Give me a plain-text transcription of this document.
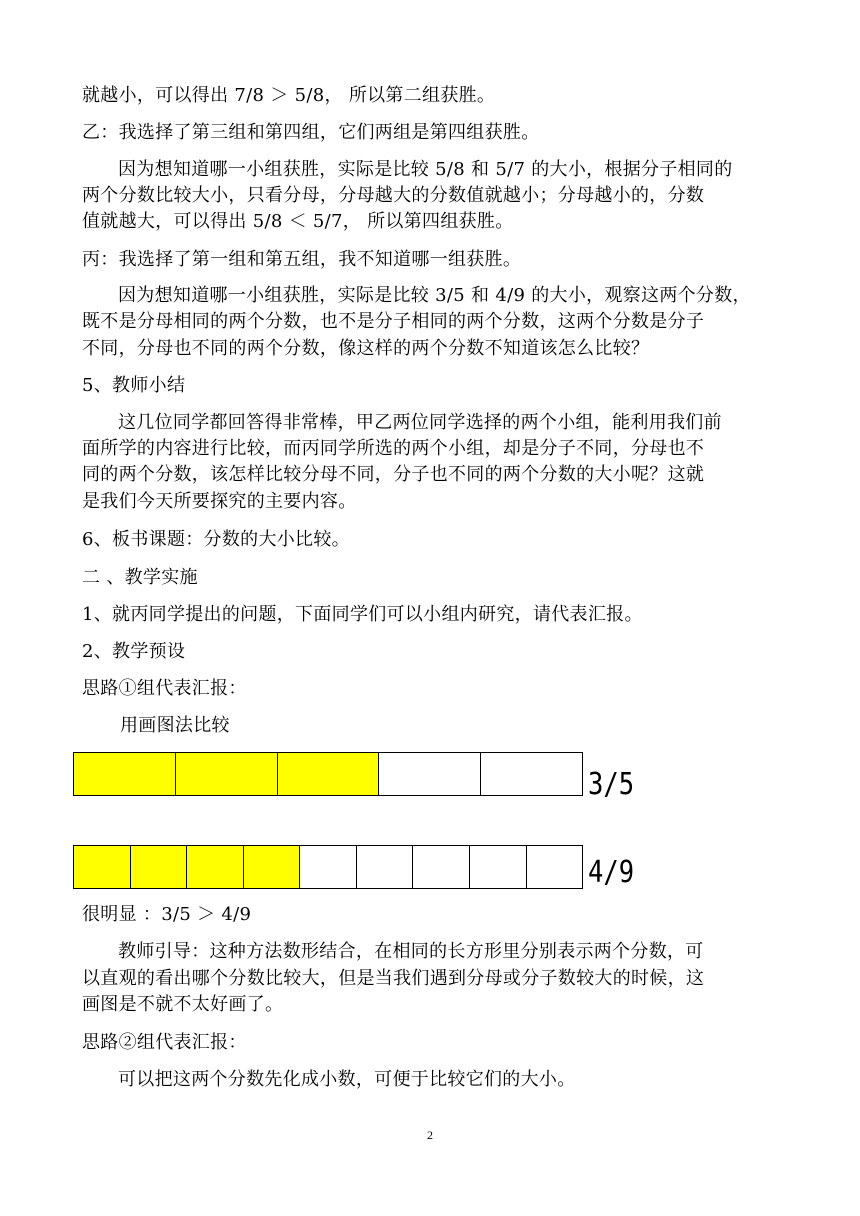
就越小，可以得出 7/8 ＞ 5/8， 所以第二组获胜。
乙：我选择了第三组和第四组，它们两组是第四组获胜。
因为想知道哪一小组获胜，实际是比较 5/8 和 5/7 的大小，根据分子相同的
两个分数比较大小，只看分母，分母越大的分数值就越小；分母越小的，分数
值就越大，可以得出 5/8 ＜ 5/7， 所以第四组获胜。
丙：我选择了第一组和第五组，我不知道哪一组获胜。
因为想知道哪一小组获胜，实际是比较 3/5 和 4/9 的大小，观察这两个分数，
既不是分母相同的两个分数，也不是分子相同的两个分数，这两个分数是分子
不同，分母也不同的两个分数，像这样的两个分数不知道该怎么比较？
5、教师小结
这几位同学都回答得非常棒，甲乙两位同学选择的两个小组，能利用我们前
面所学的内容进行比较，而丙同学所选的两个小组，却是分子不同，分母也不
同的两个分数，该怎样比较分母不同，分子也不同的两个分数的大小呢？这就
是我们今天所要探究的主要内容。
6、板书课题：分数的大小比较。
二 、教学实施
1、就丙同学提出的问题，下面同学们可以小组内研究，请代表汇报。
2、教学预设
思路①组代表汇报：
用画图法比较
3/5
4/9
很明显 ：3/5 ＞ 4/9
教师引导：这种方法数形结合，在相同的长方形里分别表示两个分数，可
以直观的看出哪个分数比较大，但是当我们遇到分母或分子数较大的时候，这
画图是不就不太好画了。
思路②组代表汇报：
可以把这两个分数先化成小数，可便于比较它们的大小。
2
